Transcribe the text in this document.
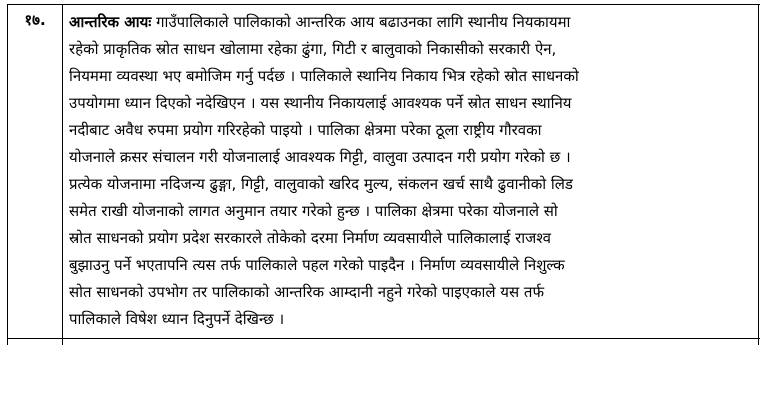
१७.	आन्तरिक आयः गाउँपालिकाले पालिकाको आन्तरिक आय बढाउनका लागि स्थानीय नियकायमा
रहेको प्राकृतिक स्रोत साधन खोलामा रहेका ढुंगा, गिटी र बालुवाको निकासीको सरकारी ऐन,
नियममा व्यवस्था भए बमोजिम गर्नु पर्दछ । पालिकाले स्थानिय निकाय भित्र रहेको स्रोत साधनको
उपयोगमा ध्यान दिएको नदेखिएन । यस स्थानीय निकायलाई आवश्यक पर्ने स्रोत साधन स्थानिय
नदीबाट अवैध रुपमा प्रयोग गरिरहेको पाइयो । पालिका क्षेत्रमा परेका ठूला राष्ट्रीय गौरवका
योजनाले क्रसर संचालन गरी योजनालाई आवश्यक गिट्टी, वालुवा उत्पादन गरी प्रयोग गरेको छ ।
प्रत्येक योजनामा नदिजन्य ढुङ्गा, गिट्टी, वालुवाको खरिद मुल्य, संकलन खर्च साथै ढुवानीको लिड
समेत राखी योजनाको लागत अनुमान तयार गरेको हुन्छ । पालिका क्षेत्रमा परेका योजनाले सो
स्रोत साधनको प्रयोग प्रदेश सरकारले तोकेको दरमा निर्माण व्यवसायीले पालिकालाई राजश्व
बुझाउनु पर्ने भएतापनि त्यस तर्फ पालिकाले पहल गरेको पाइदैन । निर्माण व्यवसायीले निशुल्क
सोत साधनको उपभोग तर पालिकाको आन्तरिक आम्दानी नहुने गरेको पाइएकाले यस तर्फ
पालिकाले विषेश ध्यान दिनुपर्ने देखिन्छ ।
